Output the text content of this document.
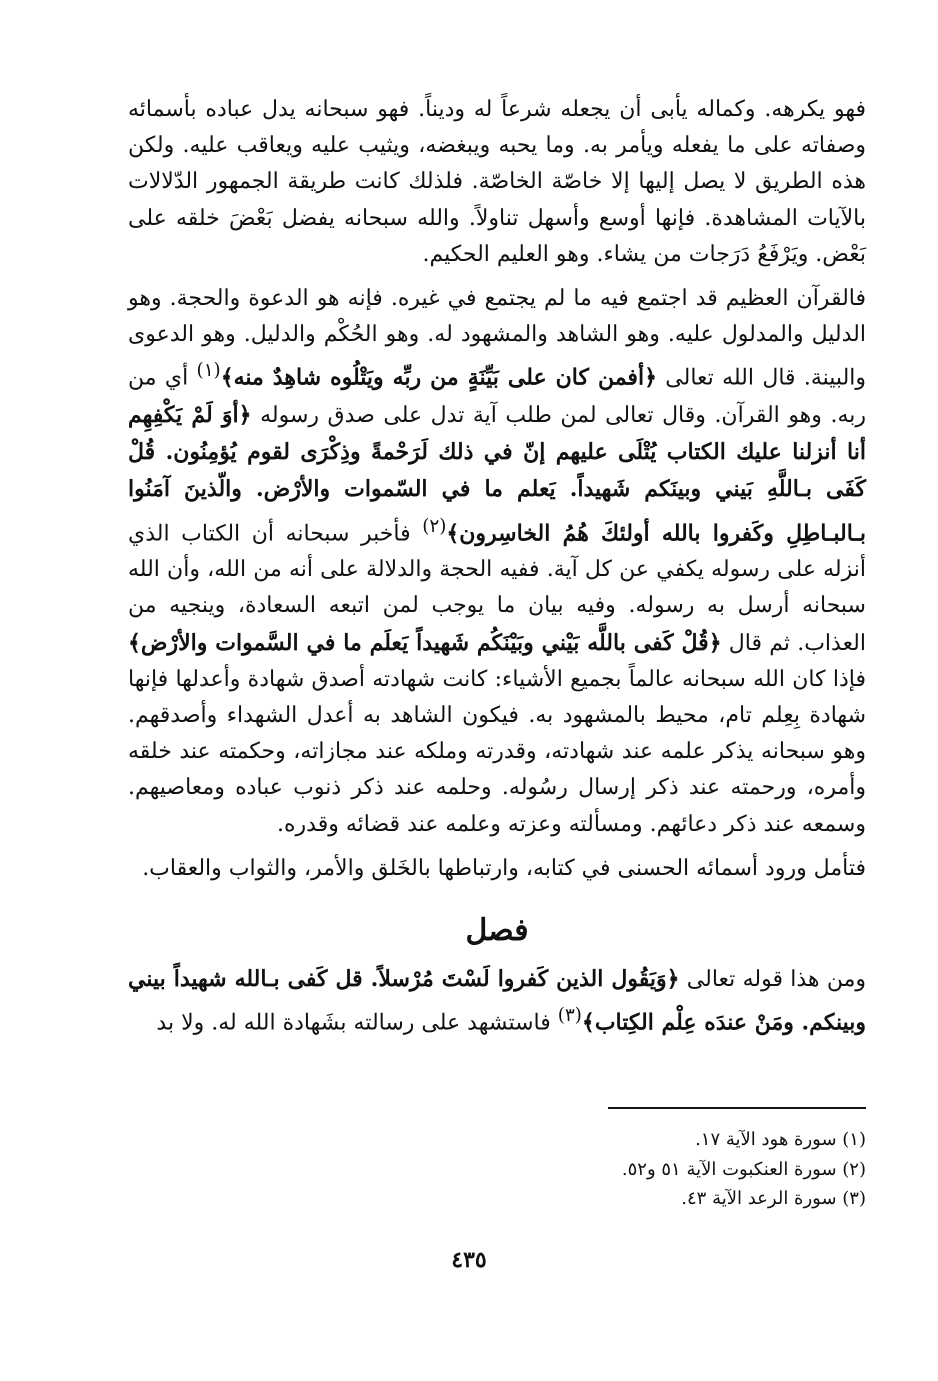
فهو يكرهه. وكماله يأبى أن يجعله شرعاً له وديناً. فهو سبحانه يدل عباده بأسمائه وصفاته على ما يفعله ويأمر به. وما يحبه ويبغضه، ويثيب عليه ويعاقب عليه. ولكن هذه الطريق لا يصل إليها إلا خاصّة الخاصّة. فلذلك كانت طريقة الجمهور الدّلالات بالآيات المشاهدة. فإنها أوسع وأسهل تناولاً. والله سبحانه يفضل بَعْضَ خلقه على بَعْض. ويَرْفَعُ دَرَجات من يشاء. وهو العليم الحكيم.

فالقرآن العظيم قد اجتمع فيه ما لم يجتمع في غيره. فإنه هو الدعوة والحجة. وهو الدليل والمدلول عليه. وهو الشاهد والمشهود له. وهو الحُكْم والدليل. وهو الدعوى والبينة. قال الله تعالى ﴿أفمن كان على بَيِّنَةٍ من ربِّه ويَتْلُوه شاهِدٌ منه﴾$^{(١)}$ أي من ربه. وهو القرآن. وقال تعالى لمن طلب آية تدل على صدق رسوله ﴿أوَ لَمْ يَكْفِهِم أنا أنزلنا عليك الكتاب يُتْلَى عليهم إنّ في ذلك لَرَحْمةً وذِكْرَى لقوم يُؤمِنُون. قُلْ كَفَى بـاللَّهِ بَيني وبينَكم شَهيداً. يَعلم ما في السّموات والأرْض. والّذينَ آمَنُوا بـالبـاطِلِ وكَفروا بالله أولئكَ هُمُ الخاسِرون﴾$^{(٢)}$ فأخبر سبحانه أن الكتاب الذي أنزله على رسوله يكفي عن كل آية. ففيه الحجة والدلالة على أنه من الله، وأن الله سبحانه أرسل به رسوله. وفيه بيان ما يوجب لمن اتبعه السعادة، وينجيه من العذاب. ثم قال ﴿قُلْ كَفى باللَّه بَيْني وبَيْنَكُم شَهيداً يَعلَم ما في السَّموات والأرْض﴾ فإذا كان الله سبحانه عالماً بجميع الأشياء: كانت شهادته أصدق شهادة وأعدلها فإنها شهادة بِعِلم تام، محيط بالمشهود به. فيكون الشاهد به أعدل الشهداء وأصدقهم. وهو سبحانه يذكر علمه عند شهادته، وقدرته وملكه عند مجازاته، وحكمته عند خلقه وأمره، ورحمته عند ذكر إرسال رسُوله. وحلمه عند ذكر ذنوب عباده ومعاصيهم. وسمعه عند ذكر دعائهم. ومسألته وعزته وعلمه عند قضائه وقدره.

فتأمل ورود أسمائه الحسنى في كتابه، وارتباطها بالخَلق والأمر، والثواب والعقاب.

فصل

ومن هذا قوله تعالى ﴿وَيَقُول الذين كَفروا لَسْتَ مُرْسلاً. قل كَفى بـالله شهيداً بيني وبينكم. ومَنْ عندَه عِلْم الكِتاب﴾$^{(٣)}$ فاستشهد على رسالته بشَهادة الله له. ولا بد

(١) سورة هود الآية ١٧.

(٢) سورة العنكبوت الآية ٥١ و٥٢.

(٣) سورة الرعد الآية ٤٣.

٤٣٥
